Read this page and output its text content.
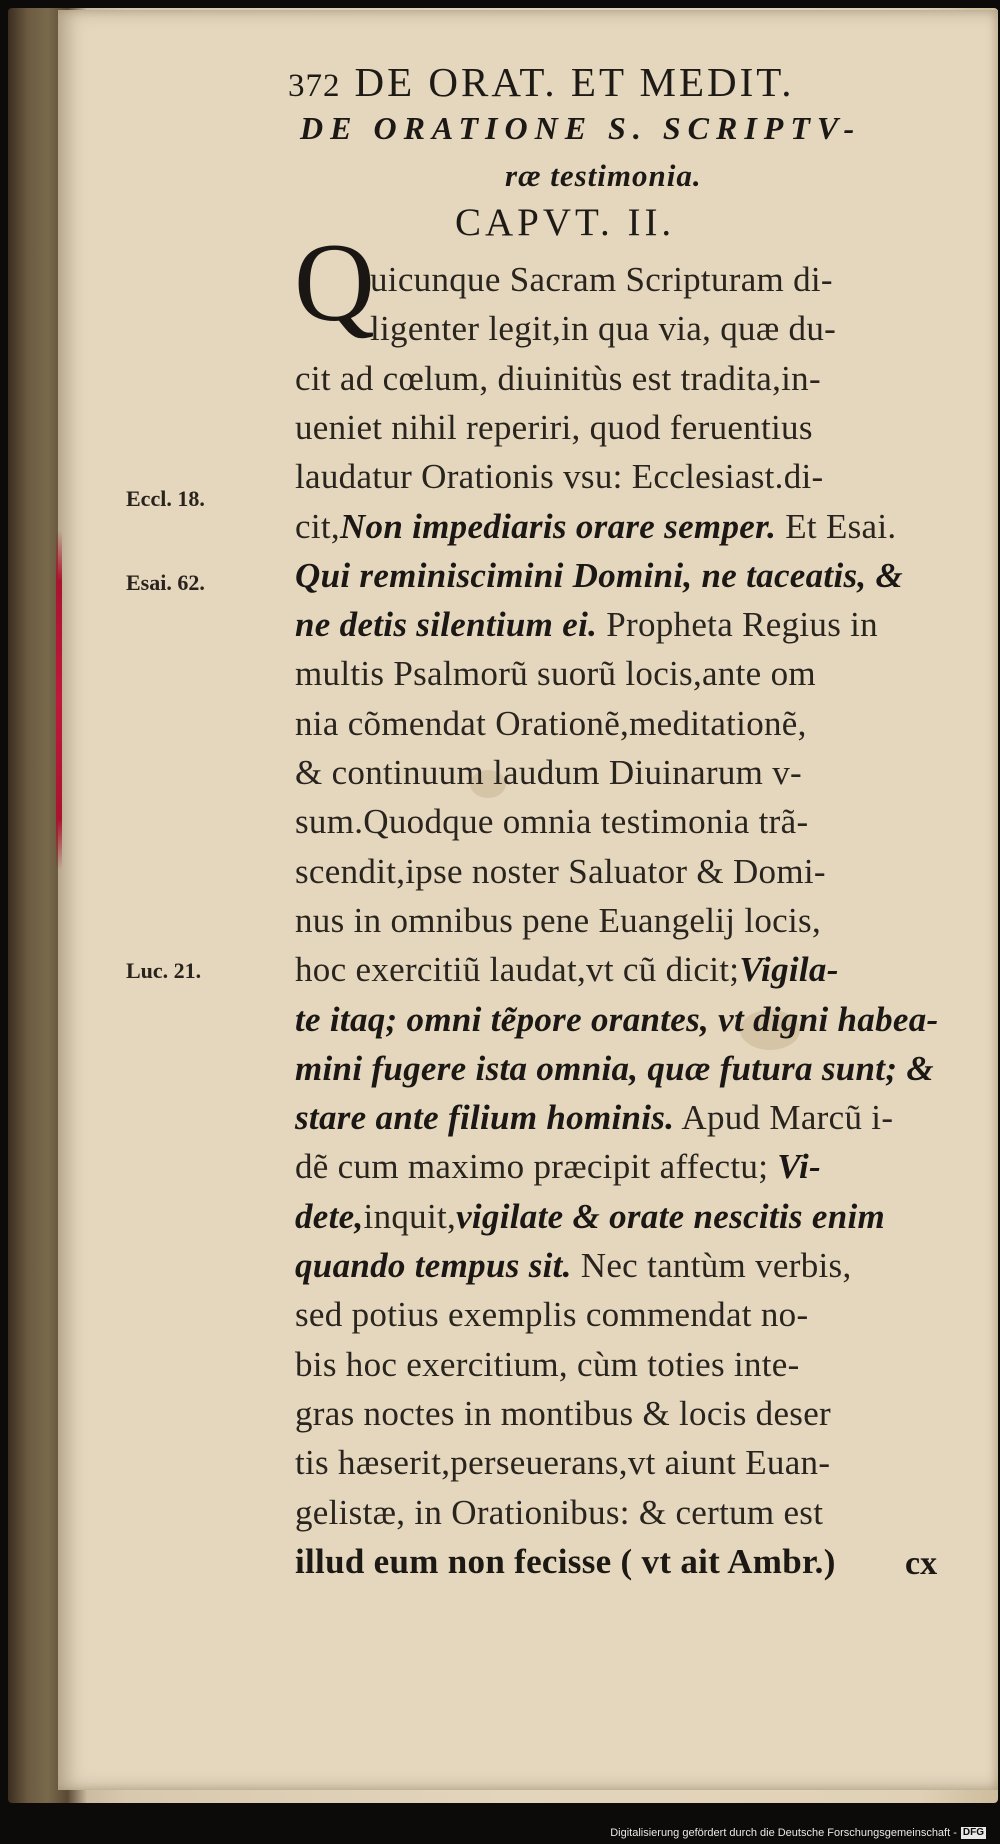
372 DE ORAT. ET MEDIT.
DE ORATIONE S. SCRIPTV-
ræ testimonia.
CAPVT. II.
Q
uicunque Sacram Scripturam di-
ligenter legit,in qua via, quæ du-
cit ad cœlum, diuinitùs est tradita,in-
ueniet nihil reperiri, quod feruentius
laudatur Orationis vsu: Ecclesiast.di-
cit,Non impediaris orare semper. Et Esai.
Qui reminiscimini Domini, ne taceatis, &
ne detis silentium ei. Propheta Regius in
multis Psalmorũ suorũ locis,ante om
nia cõmendat Orationẽ,meditationẽ,
& continuum laudum Diuinarum v-
sum.Quodque omnia testimonia trã-
scendit,ipse noster Saluator & Domi-
nus in omnibus pene Euangelij locis,
hoc exercitiũ laudat,vt cũ dicit;Vigila-
te itaq; omni tẽpore orantes, vt digni habea-
mini fugere ista omnia, quæ futura sunt; &
stare ante filium hominis. Apud Marcũ i-
dẽ cum maximo præcipit affectu; Vi-
dete,inquit,vigilate & orate nescitis enim
quando tempus sit. Nec tantùm verbis,
sed potius exemplis commendat no-
bis hoc exercitium, cùm toties inte-
gras noctes in montibus & locis deser
tis hæserit,perseuerans,vt aiunt Euan-
gelistæ, in Orationibus: & certum est
illud eum non fecisse ( vt ait Ambr.)
Eccl. 18.
Esai. 62.
Luc. 21.
cx
Digitalisierung gefördert durch die Deutsche Forschungsgemeinschaft - DFG
